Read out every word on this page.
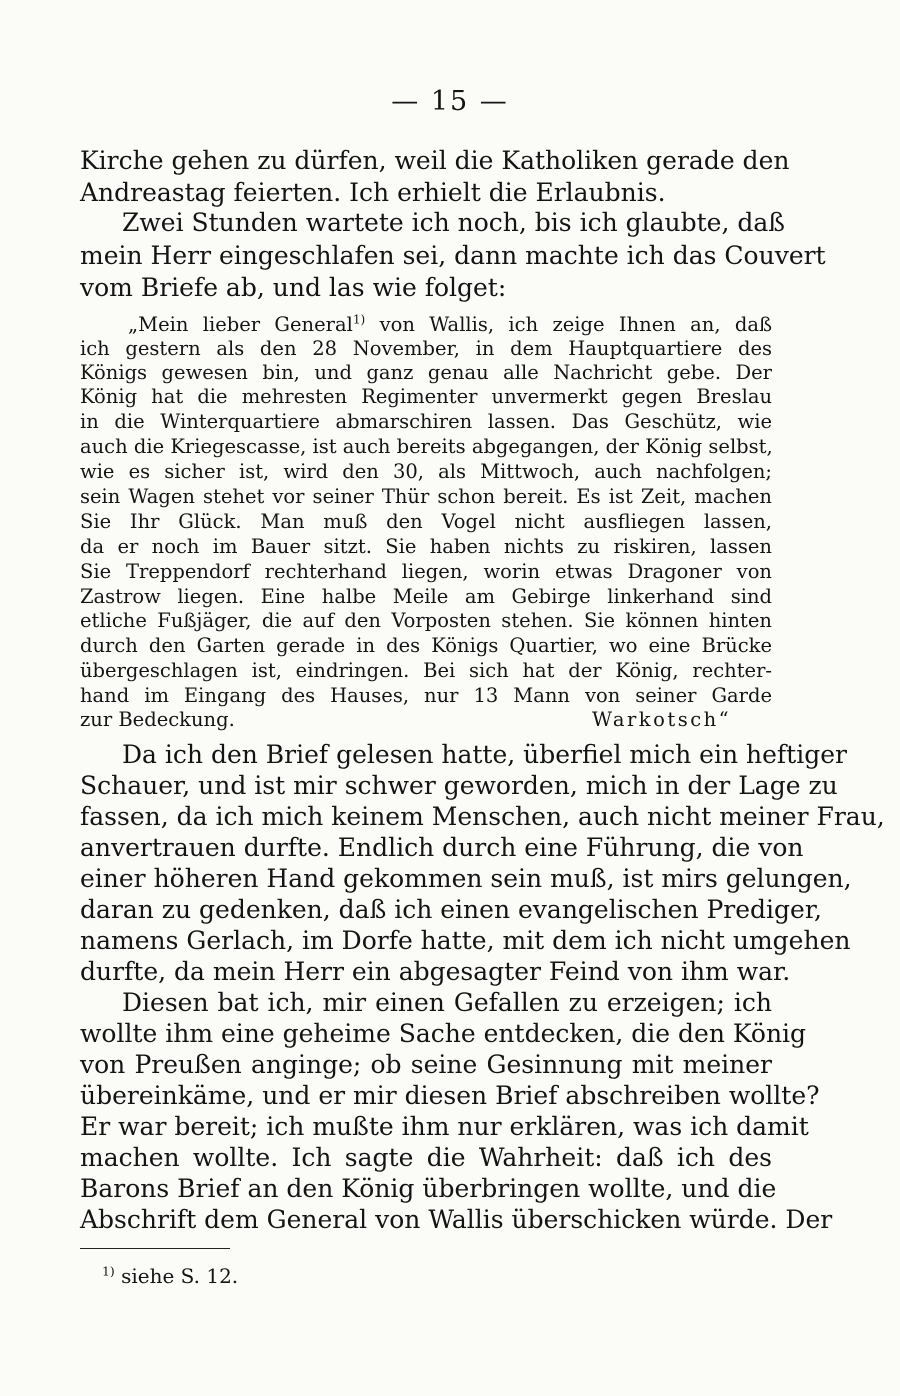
— 15 —
Kirche gehen zu dürfen, weil die Katholiken gerade den
Andreastag feierten. Ich erhielt die Erlaubnis.
Zwei Stunden wartete ich noch, bis ich glaubte, daß
mein Herr eingeschlafen sei, dann machte ich das Couvert
vom Briefe ab, und las wie folget:
„Mein lieber General$^{1)}$ von Wallis, ich zeige Ihnen an, daß
ich gestern als den 28 November, in dem Hauptquartiere des
Königs gewesen bin, und ganz genau alle Nachricht gebe. Der
König hat die mehresten Regimenter unvermerkt gegen Breslau
in die Winterquartiere abmarschiren lassen. Das Geschütz, wie
auch die Kriegescasse, ist auch bereits abgegangen, der König selbst,
wie es sicher ist, wird den 30, als Mittwoch, auch nachfolgen;
sein Wagen stehet vor seiner Thür schon bereit. Es ist Zeit, machen
Sie Ihr Glück. Man muß den Vogel nicht ausfliegen lassen,
da er noch im Bauer sitzt. Sie haben nichts zu riskiren, lassen
Sie Treppendorf rechterhand liegen, worin etwas Dragoner von
Zastrow liegen. Eine halbe Meile am Gebirge linkerhand sind
etliche Fußjäger, die auf den Vorposten stehen. Sie können hinten
durch den Garten gerade in des Königs Quartier, wo eine Brücke
übergeschlagen ist, eindringen. Bei sich hat der König, rechter-
hand im Eingang des Hauses, nur 13 Mann von seiner Garde
zur Bedeckung.	Warkotsch“
Da ich den Brief gelesen hatte, überfiel mich ein heftiger
Schauer, und ist mir schwer geworden, mich in der Lage zu
fassen, da ich mich keinem Menschen, auch nicht meiner Frau,
anvertrauen durfte. Endlich durch eine Führung, die von
einer höheren Hand gekommen sein muß, ist mirs gelungen,
daran zu gedenken, daß ich einen evangelischen Prediger,
namens Gerlach, im Dorfe hatte, mit dem ich nicht umgehen
durfte, da mein Herr ein abgesagter Feind von ihm war.
Diesen bat ich, mir einen Gefallen zu erzeigen; ich
wollte ihm eine geheime Sache entdecken, die den König
von Preußen anginge; ob seine Gesinnung mit meiner
übereinkäme, und er mir diesen Brief abschreiben wollte?
Er war bereit; ich mußte ihm nur erklären, was ich damit
machen wollte. Ich sagte die Wahrheit: daß ich des
Barons Brief an den König überbringen wollte, und die
Abschrift dem General von Wallis überschicken würde. Der
$^{1)}$ siehe S. 12.
